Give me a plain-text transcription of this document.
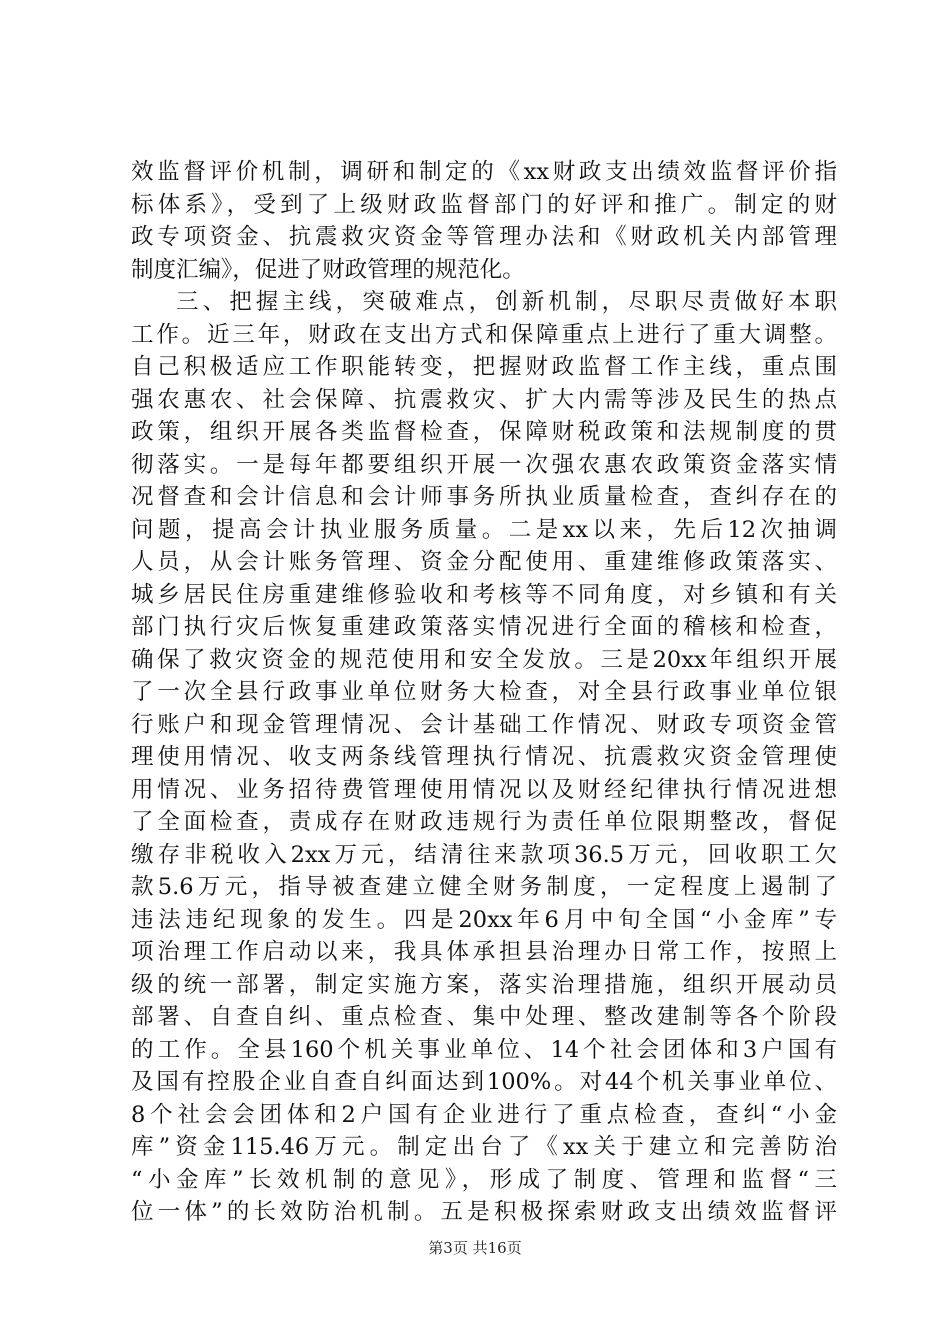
效监督评价机制，调研和制定的《xx财政支出绩效监督评价指
标体系》，受到了上级财政监督部门的好评和推广。制定的财
政专项资金、抗震救灾资金等管理办法和《财政机关内部管理
制度汇编》，促进了财政管理的规范化。
三、把握主线，突破难点，创新机制，尽职尽责做好本职
工作。近三年，财政在支出方式和保障重点上进行了重大调整。
自己积极适应工作职能转变，把握财政监督工作主线，重点围
强农惠农、社会保障、抗震救灾、扩大内需等涉及民生的热点
政策，组织开展各类监督检查，保障财税政策和法规制度的贯
彻落实。一是每年都要组织开展一次强农惠农政策资金落实情
况督查和会计信息和会计师事务所执业质量检查，查纠存在的
问题，提高会计执业服务质量。二是xx以来，先后12次抽调
人员，从会计账务管理、资金分配使用、重建维修政策落实、
城乡居民住房重建维修验收和考核等不同角度，对乡镇和有关
部门执行灾后恢复重建政策落实情况进行全面的稽核和检查，
确保了救灾资金的规范使用和安全发放。三是20xx年组织开展
了一次全县行政事业单位财务大检查，对全县行政事业单位银
行账户和现金管理情况、会计基础工作情况、财政专项资金管
理使用情况、收支两条线管理执行情况、抗震救灾资金管理使
用情况、业务招待费管理使用情况以及财经纪律执行情况进想
了全面检查，责成存在财政违规行为责任单位限期整改，督促
缴存非税收入2xx万元，结清往来款项36.5万元，回收职工欠
款5.6万元，指导被查建立健全财务制度，一定程度上遏制了
违法违纪现象的发生。四是20xx年6月中旬全国“小金库”专
项治理工作启动以来，我具体承担县治理办日常工作，按照上
级的统一部署，制定实施方案，落实治理措施，组织开展动员
部署、自查自纠、重点检查、集中处理、整改建制等各个阶段
的工作。全县160个机关事业单位、14个社会团体和3户国有
及国有控股企业自查自纠面达到100%。对44个机关事业单位、
8个社会会团体和2户国有企业进行了重点检查，查纠“小金
库”资金115.46万元。制定出台了《xx关于建立和完善防治
“小金库”长效机制的意见》，形成了制度、管理和监督“三
位一体”的长效防治机制。五是积极探索财政支出绩效监督评
第3页 共16页
